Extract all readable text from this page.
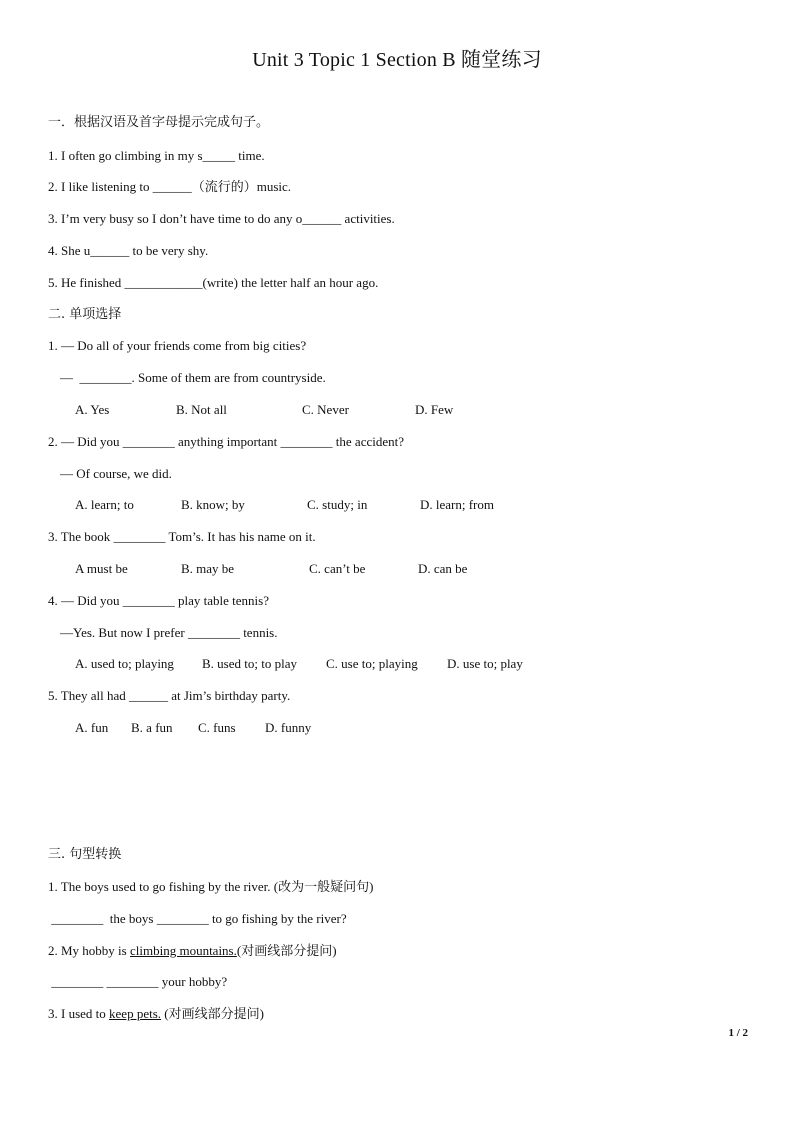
Unit 3 Topic 1 Section B 随堂练习
一．根据汉语及首字母提示完成句子。
1. I often go climbing in my s_____ time.
2. I like listening to ______（流行的）music.
3. I’m very busy so I don’t have time to do any o______ activities.
4. She u______ to be very shy.
5. He finished ____________(write) the letter half an hour ago.
二. 单项选择
1. — Do all of your friends come from big cities?
—  ________. Some of them are from countryside.
A. Yes	B. Not all	C. Never	D. Few
2. — Did you ________ anything important ________ the accident?
— Of course, we did.
A. learn; to	B. know; by	C. study; in	D. learn; from
3. The book ________ Tom’s. It has his name on it.
A must be	B. may be	C. can’t be	D. can be
4. — Did you ________ play table tennis?
—Yes. But now I prefer ________ tennis.
A. used to; playing B. used to; to play C. use to; playing D. use to; play
5. They all had ______ at Jim’s birthday party.
A. fun B. a fun C. funs D. funny
三. 句型转换
1. The boys used to go fishing by the river. (改为一般疑问句)
________  the boys ________ to go fishing by the river?
2. My hobby is climbing mountains.(对画线部分提问)
________ ________ your hobby?
3. I used to keep pets. (对画线部分提问)
1 / 2
